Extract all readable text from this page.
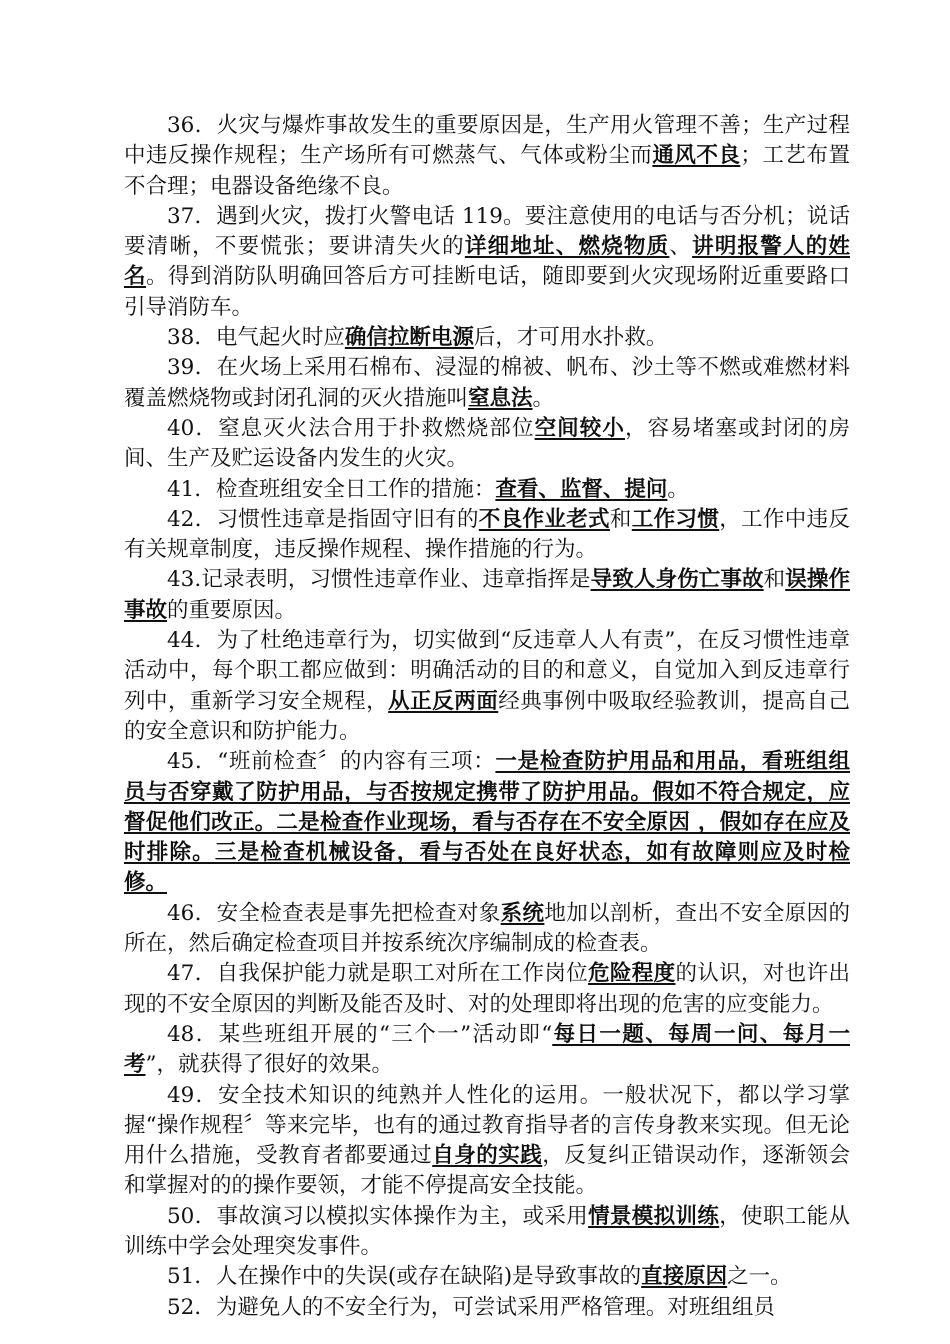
36．火灾与爆炸事故发生的重要原因是，生产用火管理不善；生产过程中违反操作规程；生产场所有可燃蒸气、气体或粉尘而通风不良；工艺布置不合理；电器设备绝缘不良。

37．遇到火灾，拨打火警电话 119。要注意使用的电话与否分机；说话要清晰，不要慌张；要讲清失火的详细地址、燃烧物质、讲明报警人的姓名。得到消防队明确回答后方可挂断电话，随即要到火灾现场附近重要路口引导消防车。

38．电气起火时应确信拉断电源后，才可用水扑救。

39．在火场上采用石棉布、浸湿的棉被、帆布、沙土等不燃或难燃材料覆盖燃烧物或封闭孔洞的灭火措施叫窒息法。

40．窒息灭火法合用于扑救燃烧部位空间较小，容易堵塞或封闭的房间、生产及贮运设备内发生的火灾。

41．检查班组安全日工作的措施：查看、监督、提问。

42．习惯性违章是指固守旧有的不良作业老式和工作习惯，工作中违反有关规章制度，违反操作规程、操作措施的行为。

43.记录表明，习惯性违章作业、违章指挥是导致人身伤亡事故和误操作事故的重要原因。

44．为了杜绝违章行为，切实做到“反违章人人有责”，在反习惯性违章活动中，每个职工都应做到：明确活动的目的和意义，自觉加入到反违章行列中，重新学习安全规程，从正反两面经典事例中吸取经验教训，提高自己的安全意识和防护能力。

45．“班前检查〞的内容有三项：一是检查防护用品和用品，看班组组员与否穿戴了防护用品，与否按规定携带了防护用品。假如不符合规定，应督促他们改正。二是检查作业现场，看与否存在不安全原因 ，假如存在应及时排除。三是检查机械设备，看与否处在良好状态，如有故障则应及时检修。

46．安全检查表是事先把检查对象系统地加以剖析，查出不安全原因的所在，然后确定检查项目并按系统次序编制成的检查表。

47．自我保护能力就是职工对所在工作岗位危险程度的认识，对也许出现的不安全原因的判断及能否及时、对的处理即将出现的危害的应变能力。

48．某些班组开展的“三个一”活动即“每日一题、每周一问、每月一考”，就获得了很好的效果。

49．安全技术知识的纯熟并人性化的运用。一般状况下，都以学习掌握“操作规程〞等来完毕，也有的通过教育指导者的言传身教来实现。但无论用什么措施，受教育者都要通过自身的实践，反复纠正错误动作，逐渐领会和掌握对的的操作要领，才能不停提高安全技能。

50．事故演习以模拟实体操作为主，或采用情景模拟训练，使职工能从训练中学会处理突发事件。

51．人在操作中的失误(或存在缺陷)是导致事故的直接原因之一。

52．为避免人的不安全行为，可尝试采用严格管理。对班组组员
